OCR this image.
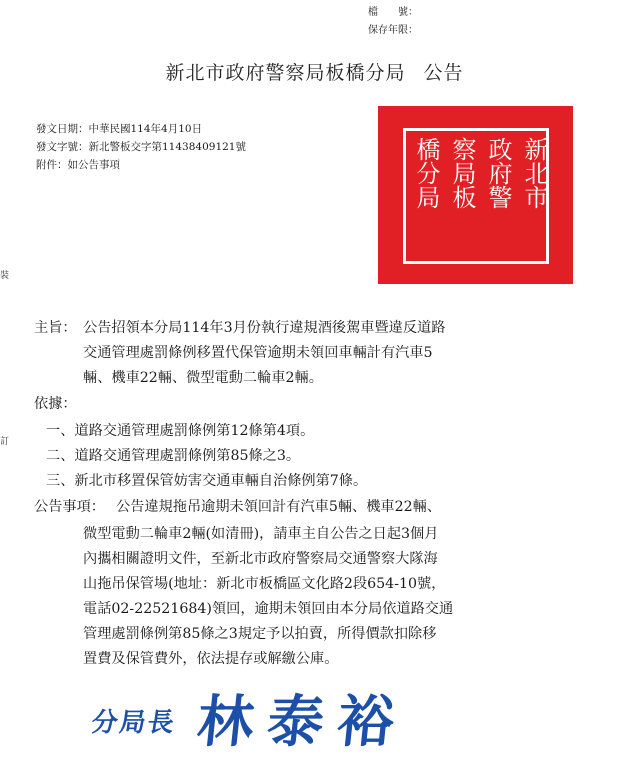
檔　　號：
保存年限：
裝
訂
新北市政府警察局板橋分局 公告
發文日期：中華民國114年4月10日
發文字號：新北警板交字第11438409121號
附件：如公告事項	新北市
政府警
察局板
橋分局
主旨： 公告招領本分局114年3月份執行違規酒後駕車暨違反道路
交通管理處罰條例移置代保管逾期未領回車輛計有汽車5
輛、機車22輛、微型電動二輪車2輛。
依據：
一、道路交通管理處罰條例第12條第4項。
二、道路交通管理處罰條例第85條之3。
三、新北市移置保管妨害交通車輛自治條例第7條。
公告事項： 公告違規拖吊逾期未領回計有汽車5輛、機車22輛、
微型電動二輪車2輛(如清冊)，請車主自公告之日起3個月
內攜相關證明文件，至新北市政府警察局交通警察大隊海
山拖吊保管場(地址：新北市板橋區文化路2段654-10號，
電話02-22521684)領回，逾期未領回由本分局依道路交通
管理處罰條例第85條之3規定予以拍賣，所得價款扣除移
置費及保管費外，依法提存或解繳公庫。
分局長 林泰裕
